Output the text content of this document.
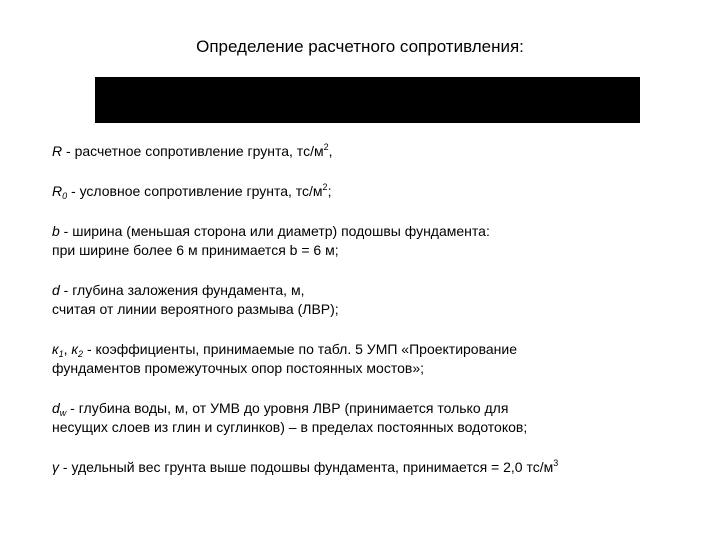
Определение расчетного сопротивления:
R - расчетное сопротивление грунта, $тс/м^2$,
$R_0$ - условное сопротивление грунта, $тс/м^2$;
b - ширина (меньшая сторона или диаметр) подошвы фундамента:
при ширине более 6 м принимается b = 6 м;
d - глубина заложения фундамента, м,
считая от линии вероятного размыва (ЛВР);
$к_1$, $к_2$ - коэффициенты, принимаемые по табл. 5 УМП «Проектирование
фундаментов промежуточных опор постоянных мостов»;
$d_w$ - глубина воды, м, от УМВ до уровня ЛВР (принимается только для
несущих слоев из глин и суглинков) – в пределах постоянных водотоков;
γ - удельный вес грунта выше подошвы фундамента, принимается = 2,0 $тс/м^3$
